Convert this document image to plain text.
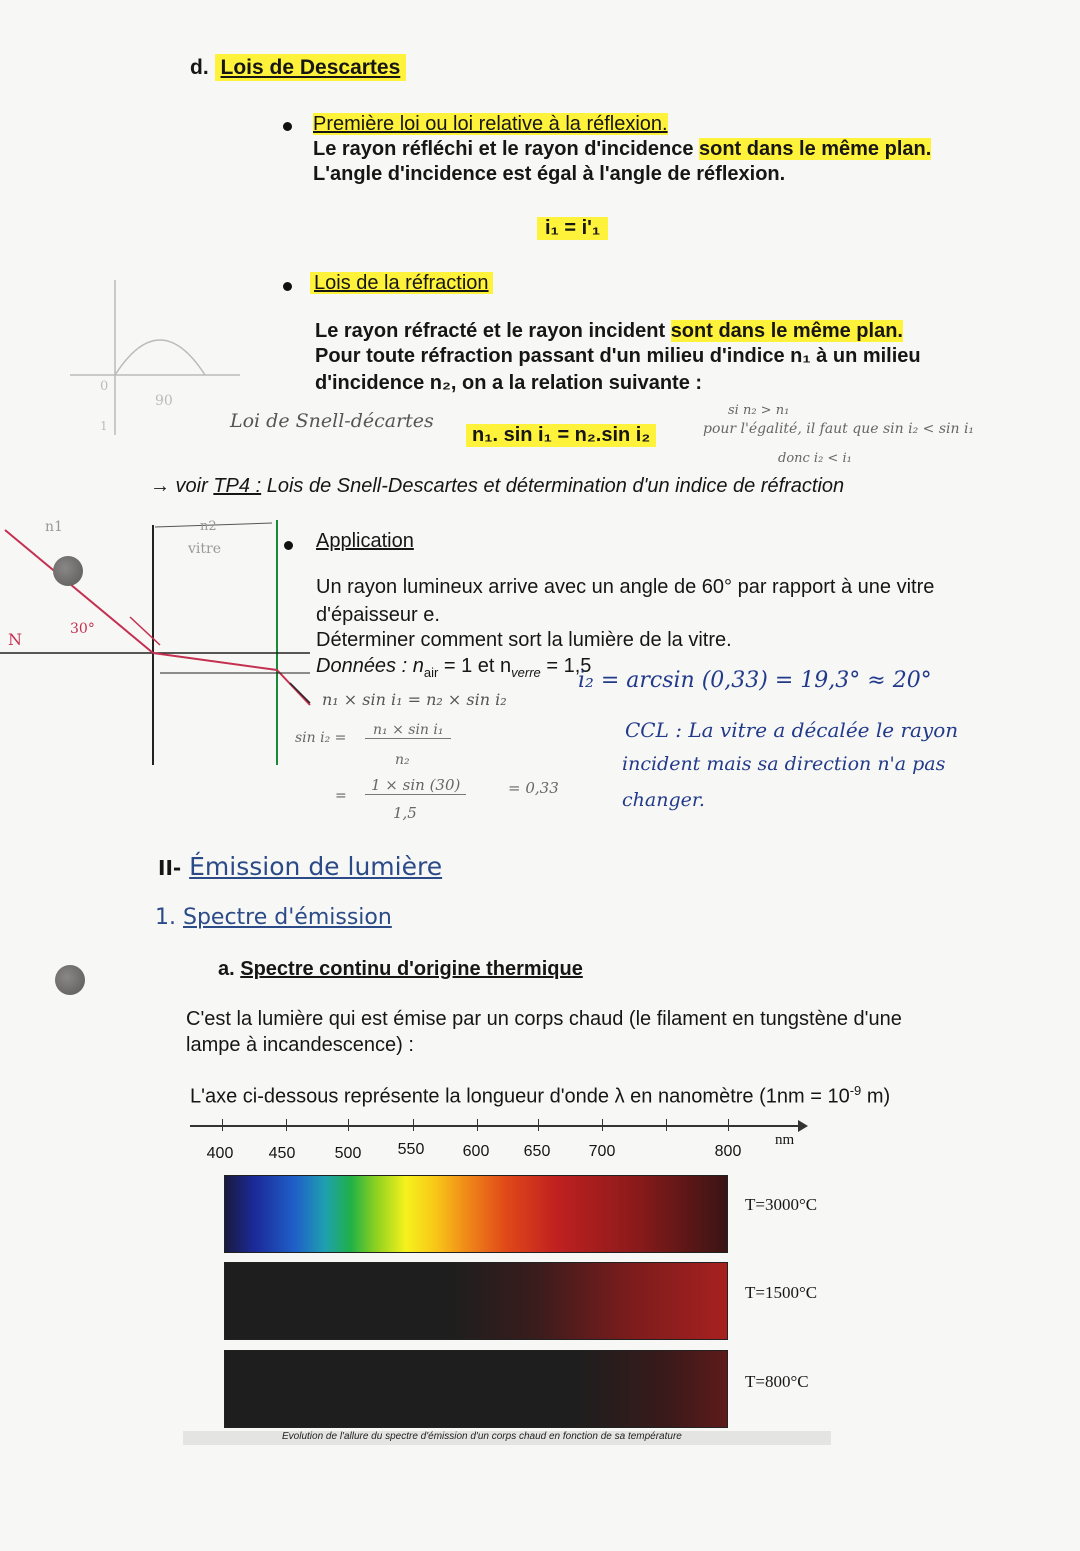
0
90
1
d. Lois de Descartes
Première loi ou loi relative à la réflexion.
Le rayon réfléchi et le rayon d'incidence sont dans le même plan.
L'angle d'incidence est égal à l'angle de réflexion.
i₁ = i'₁
Lois de la réfraction
Le rayon réfracté et le rayon incident sont dans le même plan.
Pour toute réfraction passant d'un milieu d'indice n₁ à un milieu
d'incidence n₂, on a la relation suivante :
Loi de Snell-décartes
n₁. sin i₁ = n₂.sin i₂
si n₂ > n₁
pour l'égalité, il faut que sin i₂ < sin i₁
donc i₂ < i₁
→ voir TP4 : Lois de Snell-Descartes et détermination d'un indice de réfraction
n1	n2
vitre
30°
N
Application
Un rayon lumineux arrive avec un angle de 60° par rapport à une vitre
d'épaisseur e.
Déterminer comment sort la lumière de la vitre.
Données : $n_{air} = 1$ et $n_{verre} = 1,5$
n₁ × sin i₁ = n₂ × sin i₂
sin i₂ =	n₁ × sin i₁
n₂
=
1 × sin (30)
1,5
= 0,33
i₂ = arcsin (0,33) = 19,3° ≈ 20°
CCL : La vitre a décalée le rayon
incident mais sa direction n'a pas
changer.
II- Émission de lumière
1. Spectre d'émission
a. Spectre continu d'origine thermique
C'est la lumière qui est émise par un corps chaud (le filament en tungstène d'une
lampe à incandescence) :
L'axe ci-dessous représente la longueur d'onde λ en nanomètre ($1nm = 10^{-9}$ m)
400 450 500 550 600 650 700	800
nm
T=3000°C
T=1500°C
T=800°C
Evolution de l'allure du spectre d'émission d'un corps chaud en fonction de sa température
